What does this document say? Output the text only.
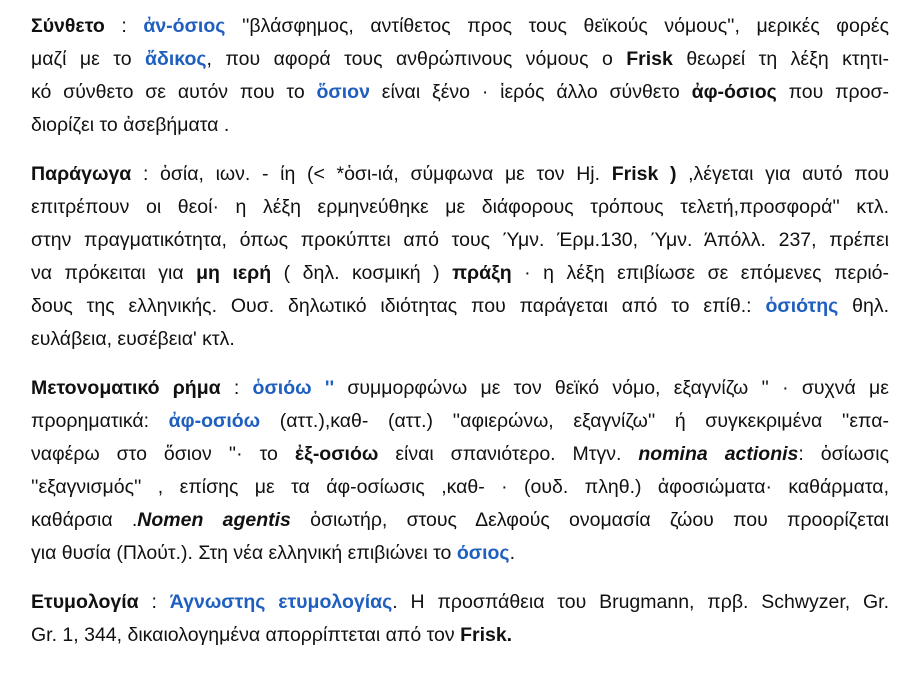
Σύνθετο : ἀν-όσιος ''βλάσφημος, αντίθετος προς τους θεϊκούς νόμους'', μερικές φορές
μαζί με το ἄδικος, που αφορά τους ανθρώπινους νόμους ο Frisk θεωρεί τη λέξη κτητι-
κό σύνθετο σε αυτόν που το ὅσιον είναι ξένο · ἱερός άλλο σύνθετο ἀφ-όσιος που προσ-
διορίζει το ἀσεβήματα .
Παράγωγα : ὁσία, ιων. - ίη (< *ὁσι-ιά, σύμφωνα με τον Hj. Frisk ) ,λέγεται για αυτό που
επιτρέπουν οι θεοί· η λέξη ερμηνεύθηκε με διάφορους τρόπους τελετή,προσφορά'' κτλ.
στην πραγματικότητα, όπως προκύπτει από τους Ύμν. Έρμ.130, Ύμν. Άπόλλ. 237, πρέπει
να πρόκειται για μη ιερή ( δηλ. κοσμική ) πράξη · η λέξη επιβίωσε σε επόμενες περιό-
δους της ελληνικής. Ουσ. δηλωτικό ιδιότητας που παράγεται από το επίθ.: ὁσιότης θηλ.
ευλάβεια, ευσέβεια' κτλ.
Μετονοματικό ρήμα : ὁσιόω '' συμμορφώνω με τον θεϊκό νόμο, εξαγνίζω '' · συχνά με
προρηματικά: ἀφ-οσιόω (αττ.),καθ- (αττ.) ''αφιερώνω, εξαγνίζω'' ή συγκεκριμένα ''επα-
ναφέρω στο ὅσιον ''· το ἐξ-οσιόω είναι σπανιότερο. Μτγν. nomina actionis: ὁσίωσις
''εξαγνισμός'' , επίσης με τα άφ-οσίωσις ,καθ- · (ουδ. πληθ.) ἀφοσιώματα· καθάρματα,
καθάρσια .Nomen agentis ὁσιωτήρ, στους Δελφούς ονομασία ζώου που προορίζεται
για θυσία (Πλούτ.). Στη νέα ελληνική επιβιώνει το όσιος.
Ετυμολογία : Άγνωστης ετυμολογίας. Η προσπάθεια του Brugmann, πρβ. Schwyzer, Gr.
Gr. 1, 344, δικαιολογημένα απορρίπτεται από τον Frisk.
